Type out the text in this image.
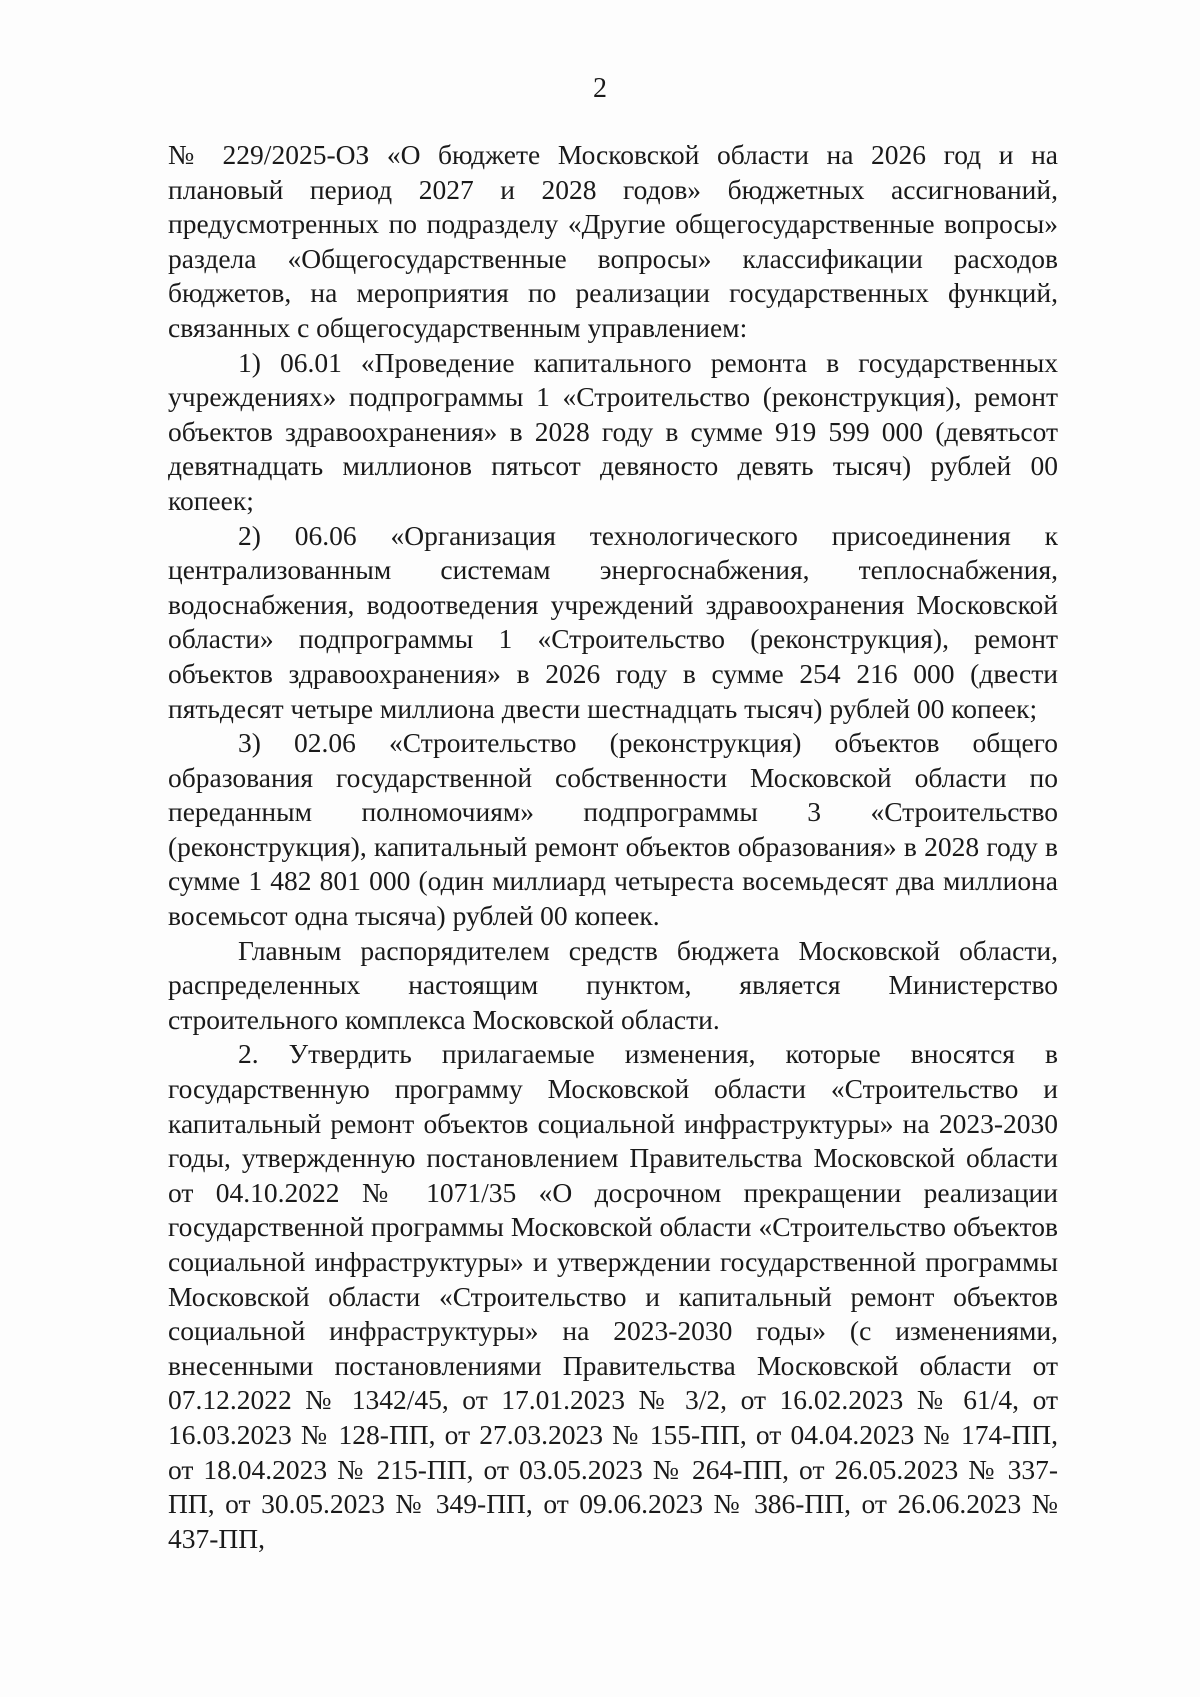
2

№ 229/2025-ОЗ «О бюджете Московской области на 2026 год и на плановый период 2027 и 2028 годов» бюджетных ассигнований, предусмотренных по подразделу «Другие общегосударственные вопросы» раздела «Общегосударственные вопросы» классификации расходов бюджетов, на мероприятия по реализации государственных функций, связанных с общегосударственным управлением:

1) 06.01 «Проведение капитального ремонта в государственных учреждениях» подпрограммы 1 «Строительство (реконструкция), ремонт объектов здравоохранения» в 2028 году в сумме 919 599 000 (девятьсот девятнадцать миллионов пятьсот девяносто девять тысяч) рублей 00 копеек;

2) 06.06 «Организация технологического присоединения к централизованным системам энергоснабжения, теплоснабжения, водоснабжения, водоотведения учреждений здравоохранения Московской области» подпрограммы 1 «Строительство (реконструкция), ремонт объектов здравоохранения» в 2026 году в сумме 254 216 000 (двести пятьдесят четыре миллиона двести шестнадцать тысяч) рублей 00 копеек;

3) 02.06 «Строительство (реконструкция) объектов общего образования государственной собственности Московской области по переданным полномочиям» подпрограммы 3 «Строительство (реконструкция), капитальный ремонт объектов образования» в 2028 году в сумме 1 482 801 000 (один миллиард четыреста восемьдесят два миллиона восемьсот одна тысяча) рублей 00 копеек.

Главным распорядителем средств бюджета Московской области, распределенных настоящим пунктом, является Министерство строительного комплекса Московской области.

2. Утвердить прилагаемые изменения, которые вносятся в государственную программу Московской области «Строительство и капитальный ремонт объектов социальной инфраструктуры» на 2023-2030 годы, утвержденную постановлением Правительства Московской области от 04.10.2022 № 1071/35 «О досрочном прекращении реализации государственной программы Московской области «Строительство объектов социальной инфраструктуры» и утверждении государственной программы Московской области «Строительство и капитальный ремонт объектов социальной инфраструктуры» на 2023-2030 годы» (с изменениями, внесенными постановлениями Правительства Московской области от 07.12.2022 № 1342/45, от 17.01.2023 № 3/2, от 16.02.2023 № 61/4, от 16.03.2023 № 128-ПП, от 27.03.2023 № 155-ПП, от 04.04.2023 № 174-ПП, от 18.04.2023 № 215-ПП, от 03.05.2023 № 264-ПП, от 26.05.2023 № 337-ПП, от 30.05.2023 № 349-ПП, от 09.06.2023 № 386-ПП, от 26.06.2023 № 437-ПП,
